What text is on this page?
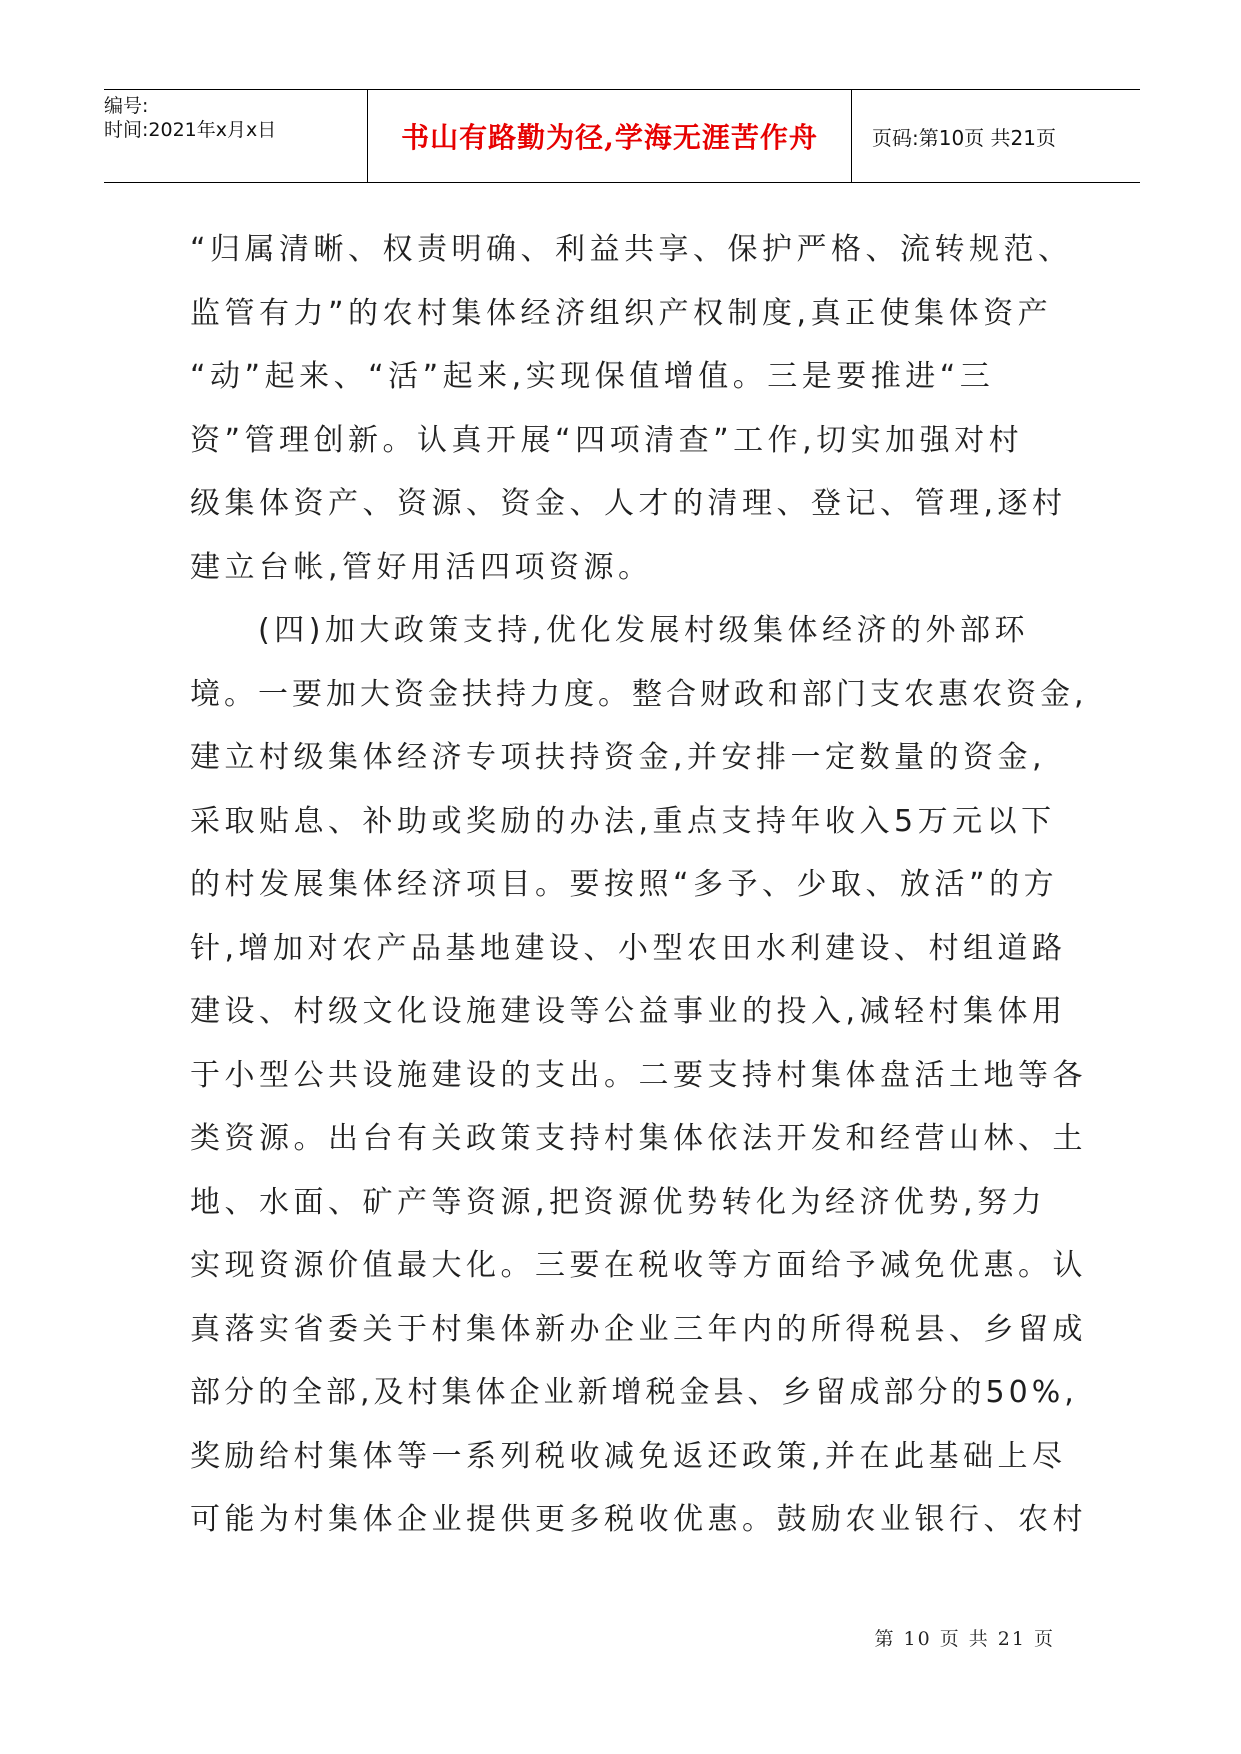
编号:
时间:2021年x月x日	书山有路勤为径,学海无涯苦作舟	页码:第10页 共21页
“归属清晰、权责明确、利益共享、保护严格、流转规范、
监管有力”的农村集体经济组织产权制度,真正使集体资产
“动”起来、“活”起来,实现保值增值。三是要推进“三
资”管理创新。认真开展“四项清查”工作,切实加强对村
级集体资产、资源、资金、人才的清理、登记、管理,逐村
建立台帐,管好用活四项资源。
(四)加大政策支持,优化发展村级集体经济的外部环
境。一要加大资金扶持力度。整合财政和部门支农惠农资金,
建立村级集体经济专项扶持资金,并安排一定数量的资金,
采取贴息、补助或奖励的办法,重点支持年收入5万元以下
的村发展集体经济项目。要按照“多予、少取、放活”的方
针,增加对农产品基地建设、小型农田水利建设、村组道路
建设、村级文化设施建设等公益事业的投入,减轻村集体用
于小型公共设施建设的支出。二要支持村集体盘活土地等各
类资源。出台有关政策支持村集体依法开发和经营山林、土
地、水面、矿产等资源,把资源优势转化为经济优势,努力
实现资源价值最大化。三要在税收等方面给予减免优惠。认
真落实省委关于村集体新办企业三年内的所得税县、乡留成
部分的全部,及村集体企业新增税金县、乡留成部分的50%,
奖励给村集体等一系列税收减免返还政策,并在此基础上尽
可能为村集体企业提供更多税收优惠。鼓励农业银行、农村
第 10 页 共 21 页
